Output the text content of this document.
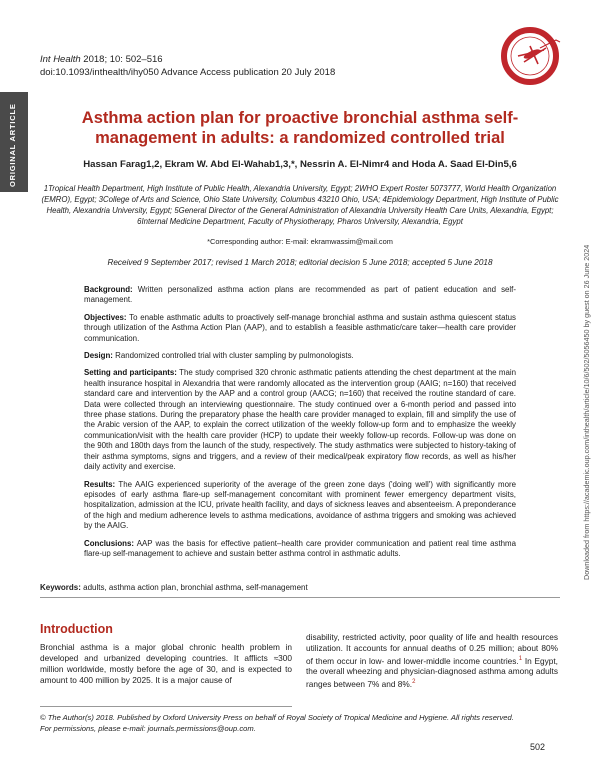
Int Health 2018; 10: 502–516
doi:10.1093/inthealth/ihy050 Advance Access publication 20 July 2018
ORIGINAL ARTICLE	Asthma action plan for proactive bronchial asthma self-management in adults: a randomized controlled trial
Hassan Farag1,2, Ekram W. Abd El-Wahab1,3,*, Nessrin A. El-Nimr4 and Hoda A. Saad El-Din5,6
1Tropical Health Department, High Institute of Public Health, Alexandria University, Egypt; 2WHO Expert Roster 5073777, World Health Organization (EMRO), Egypt; 3College of Arts and Science, Ohio State University, Columbus 43210 Ohio, USA; 4Epidemiology Department, High Institute of Public Health, Alexandria University, Egypt; 5General Director of the General Administration of Alexandria University Health Care Units, Alexandria, Egypt; 6Internal Medicine Department, Faculty of Physiotherapy, Pharos University, Alexandria, Egypt
*Corresponding author: E-mail: ekramwassim@mail.com
Received 9 September 2017; revised 1 March 2018; editorial decision 5 June 2018; accepted 5 June 2018

Background: Written personalized asthma action plans are recommended as part of patient education and self-management.

Objectives: To enable asthmatic adults to proactively self-manage bronchial asthma and sustain asthma quiescent status through utilization of the Asthma Action Plan (AAP), and to establish a feasible asthmatic/care taker—health care provider communication.

Design: Randomized controlled trial with cluster sampling by pulmonologists.

Setting and participants: The study comprised 320 chronic asthmatic patients attending the chest department at the main health insurance hospital in Alexandria that were randomly allocated as the intervention group (AAIG; n=160) that received standard care and intervention by the AAP and a control group (AACG; n=160) that received the routine standard of care. Data were collected through an interviewing questionnaire. The study continued over a 6-month period and passed into three phase stations. During the preparatory phase the health care provider managed to explain, fill and simplify the use of the Arabic version of the AAP, to explain the correct utilization of the weekly follow-up form and to emphasize the weekly communication/visit with the health care provider (HCP) to update their weekly follow-up records. Follow-up was done on the 90th and 180th days from the launch of the study, respectively. The study asthmatics were subjected to history-taking of their asthma symptoms, signs and triggers, and a review of their medical/peak expiratory flow records, as well as his/her daily activity and exercise.

Results: The AAIG experienced superiority of the average of the green zone days ('doing well') with significantly more episodes of early asthma flare-up self-management concomitant with prominent fewer emergency department visits, hospitalization, admission at the ICU, private health facility, and days of sickness leaves and absenteeism. A preponderance of the high and medium adherence levels to asthma medications, avoidance of asthma triggers and smoking was achieved by the AAIG.

Conclusions: AAP was the basis for effective patient–health care provider communication and patient real time asthma flare-up self-management to achieve and sustain better asthma control in asthmatic adults.

Keywords: adults, asthma action plan, bronchial asthma, self-management
Introduction
Bronchial asthma is a major global chronic health problem in developed and urbanized developing countries. It afflicts ≈300 million worldwide, mostly before the age of 30, and is expected to amount to 400 million by 2025. It is a major cause of
disability, restricted activity, poor quality of life and health resources utilization. It accounts for annual deaths of 0.25 million; about 80% of them occur in low- and lower-middle income countries.$^1$ In Egypt, the overall wheezing and physician-diagnosed asthma among adults ranges between 7% and 8%.$^2$
© The Author(s) 2018. Published by Oxford University Press on behalf of Royal Society of Tropical Medicine and Hygiene. All rights reserved.
For permissions, please e-mail: journals.permissions@oup.com.
502
Downloaded from https://academic.oup.com/inthealth/article/10/6/502/5056450 by guest on 26 June 2024
